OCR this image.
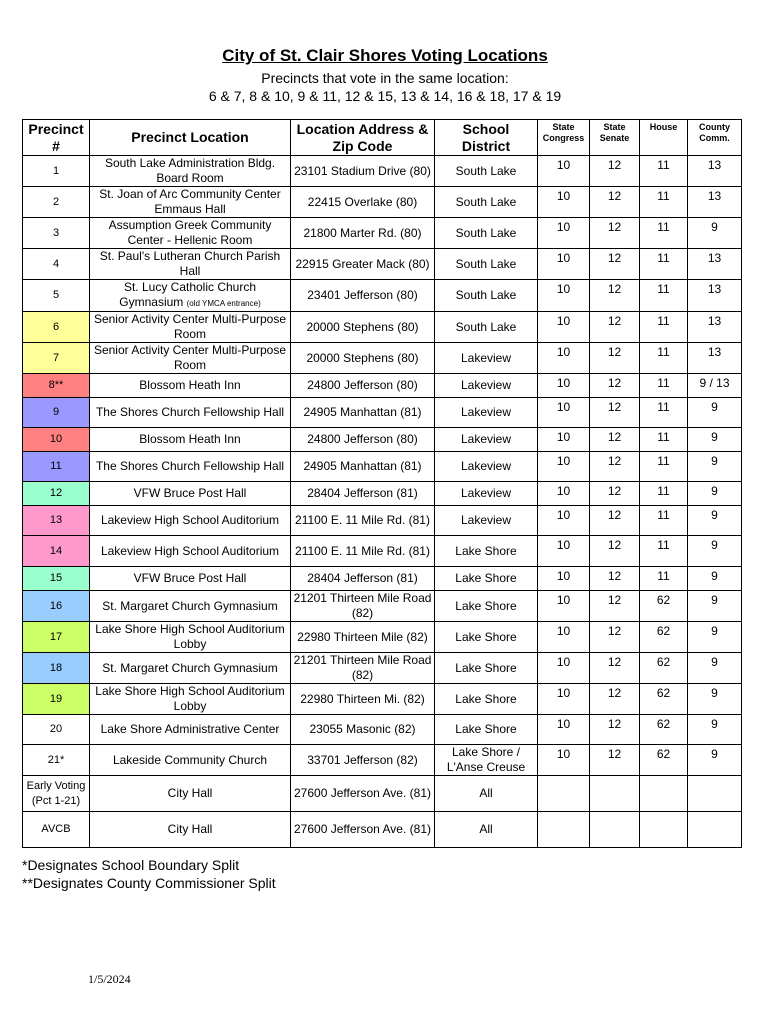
City of St. Clair Shores Voting Locations
Precincts that vote in the same location:
6 & 7, 8 & 10, 9 & 11, 12 & 15, 13 & 14, 16 & 18, 17 & 19
Precinct #	Precinct Location	Location Address & Zip Code	School District	State Congress	State Senate	House	County Comm.
1	South Lake Administration Bldg. Board Room	23101 Stadium Drive (80)	South Lake	10	12	11	13
2	St. Joan of Arc Community Center Emmaus Hall	22415 Overlake (80)	South Lake	10	12	11	13
3	Assumption Greek Community Center - Hellenic Room	21800 Marter Rd. (80)	South Lake	10	12	11	9
4	St. Paul's Lutheran Church Parish Hall	22915 Greater Mack (80)	South Lake	10	12	11	13
5	St. Lucy Catholic Church Gymnasium (old YMCA entrance)	23401 Jefferson (80)	South Lake	10	12	11	13
6	Senior Activity Center Multi-Purpose Room	20000 Stephens (80)	South Lake	10	12	11	13
7	Senior Activity Center Multi-Purpose Room	20000 Stephens (80)	Lakeview	10	12	11	13
8**	Blossom Heath Inn	24800 Jefferson (80)	Lakeview	10	12	11	9 / 13
9	The Shores Church Fellowship Hall	24905 Manhattan (81)	Lakeview	10	12	11	9
10	Blossom Heath Inn	24800 Jefferson (80)	Lakeview	10	12	11	9
11	The Shores Church Fellowship Hall	24905 Manhattan (81)	Lakeview	10	12	11	9
12	VFW Bruce Post Hall	28404 Jefferson (81)	Lakeview	10	12	11	9
13	Lakeview High School Auditorium	21100 E. 11 Mile Rd. (81)	Lakeview	10	12	11	9
14	Lakeview High School Auditorium	21100 E. 11 Mile Rd. (81)	Lake Shore	10	12	11	9
15	VFW Bruce Post Hall	28404 Jefferson (81)	Lake Shore	10	12	11	9
16	St. Margaret Church Gymnasium	21201 Thirteen Mile Road (82)	Lake Shore	10	12	62	9
17	Lake Shore High School Auditorium Lobby	22980 Thirteen Mile (82)	Lake Shore	10	12	62	9
18	St. Margaret Church Gymnasium	21201 Thirteen Mile Road (82)	Lake Shore	10	12	62	9
19	Lake Shore High School Auditorium Lobby	22980 Thirteen Mi. (82)	Lake Shore	10	12	62	9
20	Lake Shore Administrative Center	23055 Masonic (82)	Lake Shore	10	12	62	9
21*	Lakeside Community Church	33701 Jefferson (82)	Lake Shore / L'Anse Creuse	10	12	62	9
Early Voting (Pct 1-21)	City Hall	27600 Jefferson Ave. (81)	All				
AVCB	City Hall	27600 Jefferson Ave. (81)	All				
*Designates School Boundary Split
**Designates County Commissioner Split
1/5/2024
